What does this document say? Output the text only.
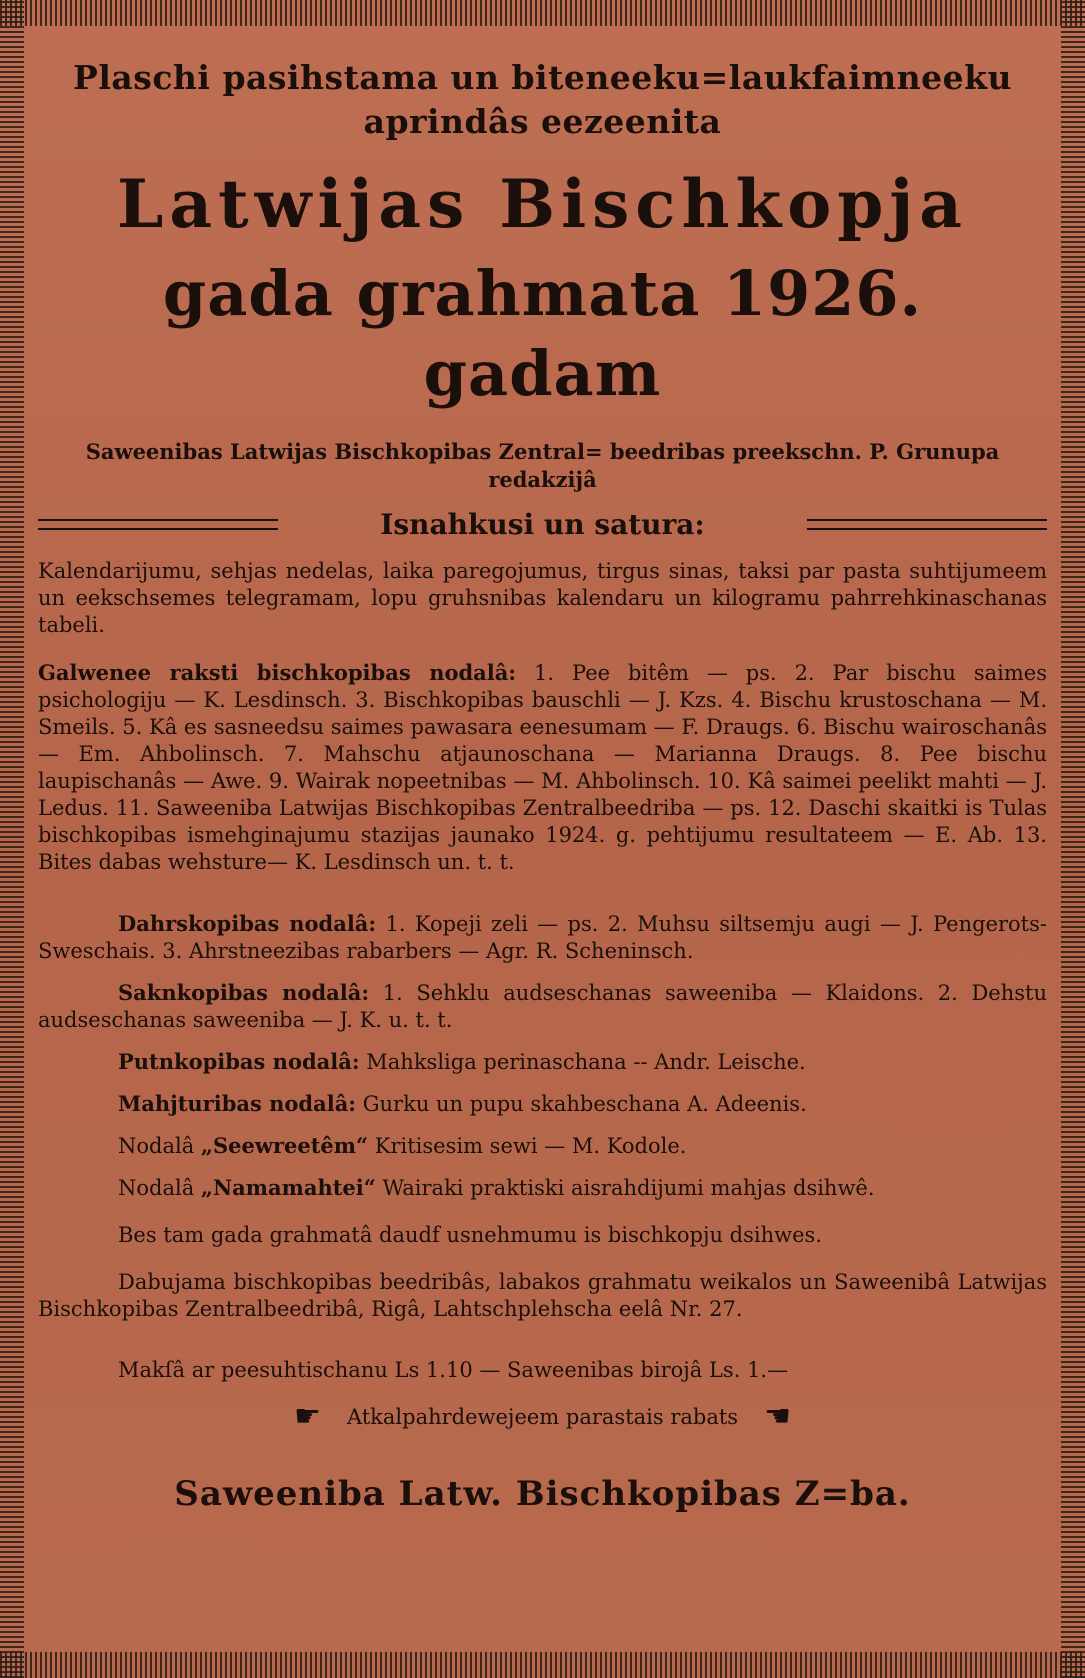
Plaschi pasihstama un biteneeku=laukfaimneeku aprindâs eezeenita
Latwijas Bischkopja
gada grahmata 1926. gadam
Saweenibas Latwijas Bischkopibas Zentral= beedribas preekschn. P. Grunupa redakzijâ
Isnahkusi un satura:

Kalendarijumu, sehjas nedelas, laika paregojumus, tirgus sinas, taksi par pasta suhtijumeem un eekschsemes telegramam, lopu gruhsnibas kalendaru un kilogramu pahrrehkinaschanas tabeli.

Galwenee raksti bischkopibas nodalâ: 1. Pee bitêm — ps. 2. Par bischu saimes psichologiju — K. Lesdinsch. 3. Bischkopibas bauschli — J. Kzs. 4. Bischu krustoschana — M. Smeils. 5. Kâ es sasneedsu saimes pawasara eenesumam — F. Draugs. 6. Bischu wairoschanâs — Em. Ahbolinsch. 7. Mahschu atjaunoschana — Marianna Draugs. 8. Pee bischu laupischanâs — Awe. 9. Wairak nopeetnibas — M. Ahbolinsch. 10. Kâ saimei peelikt mahti — J. Ledus. 11. Saweeniba Latwijas Bischkopibas Zentralbeedriba — ps. 12. Daschi skaitki is Tulas bischkopibas ismehginajumu stazijas jaunako 1924. g. pehtijumu resultateem — E. Ab. 13. Bites dabas wehsture— K. Lesdinsch un. t. t.

Dahrskopibas nodalâ: 1. Kopeji zeli — ps. 2. Muhsu siltsemju augi — J. Pengerots-Sweschais. 3. Ahrstneezibas rabarbers — Agr. R. Scheninsch.

Saknkopibas nodalâ: 1. Sehklu audseschanas saweeniba — Klaidons. 2. Dehstu audseschanas saweeniba — J. K. u. t. t.

Putnkopibas nodalâ: Mahksliga perinaschana -- Andr. Leische.

Mahjturibas nodalâ: Gurku un pupu skahbeschana A. Adeenis.

Nodalâ „Seewreetêm“ Kritisesim sewi — M. Kodole.

Nodalâ „Namamahtei“ Wairaki praktiski aisrahdijumi mahjas dsihwê.

Bes tam gada grahmatâ daudf usnehmumu is bischkopju dsihwes.

Dabujama bischkopibas beedribâs, labakos grahmatu weikalos un Saweenibâ Latwijas Bischkopibas Zentralbeedribâ, Rigâ, Lahtschplehscha eelâ Nr. 27.

Makſâ ar peesuhtischanu Ls 1.10 — Saweenibas birojâ Ls. 1.—

☛ Atkalpahrdewejeem parastais rabats ☚
Saweeniba Latw. Bischkopibas Z=ba.
